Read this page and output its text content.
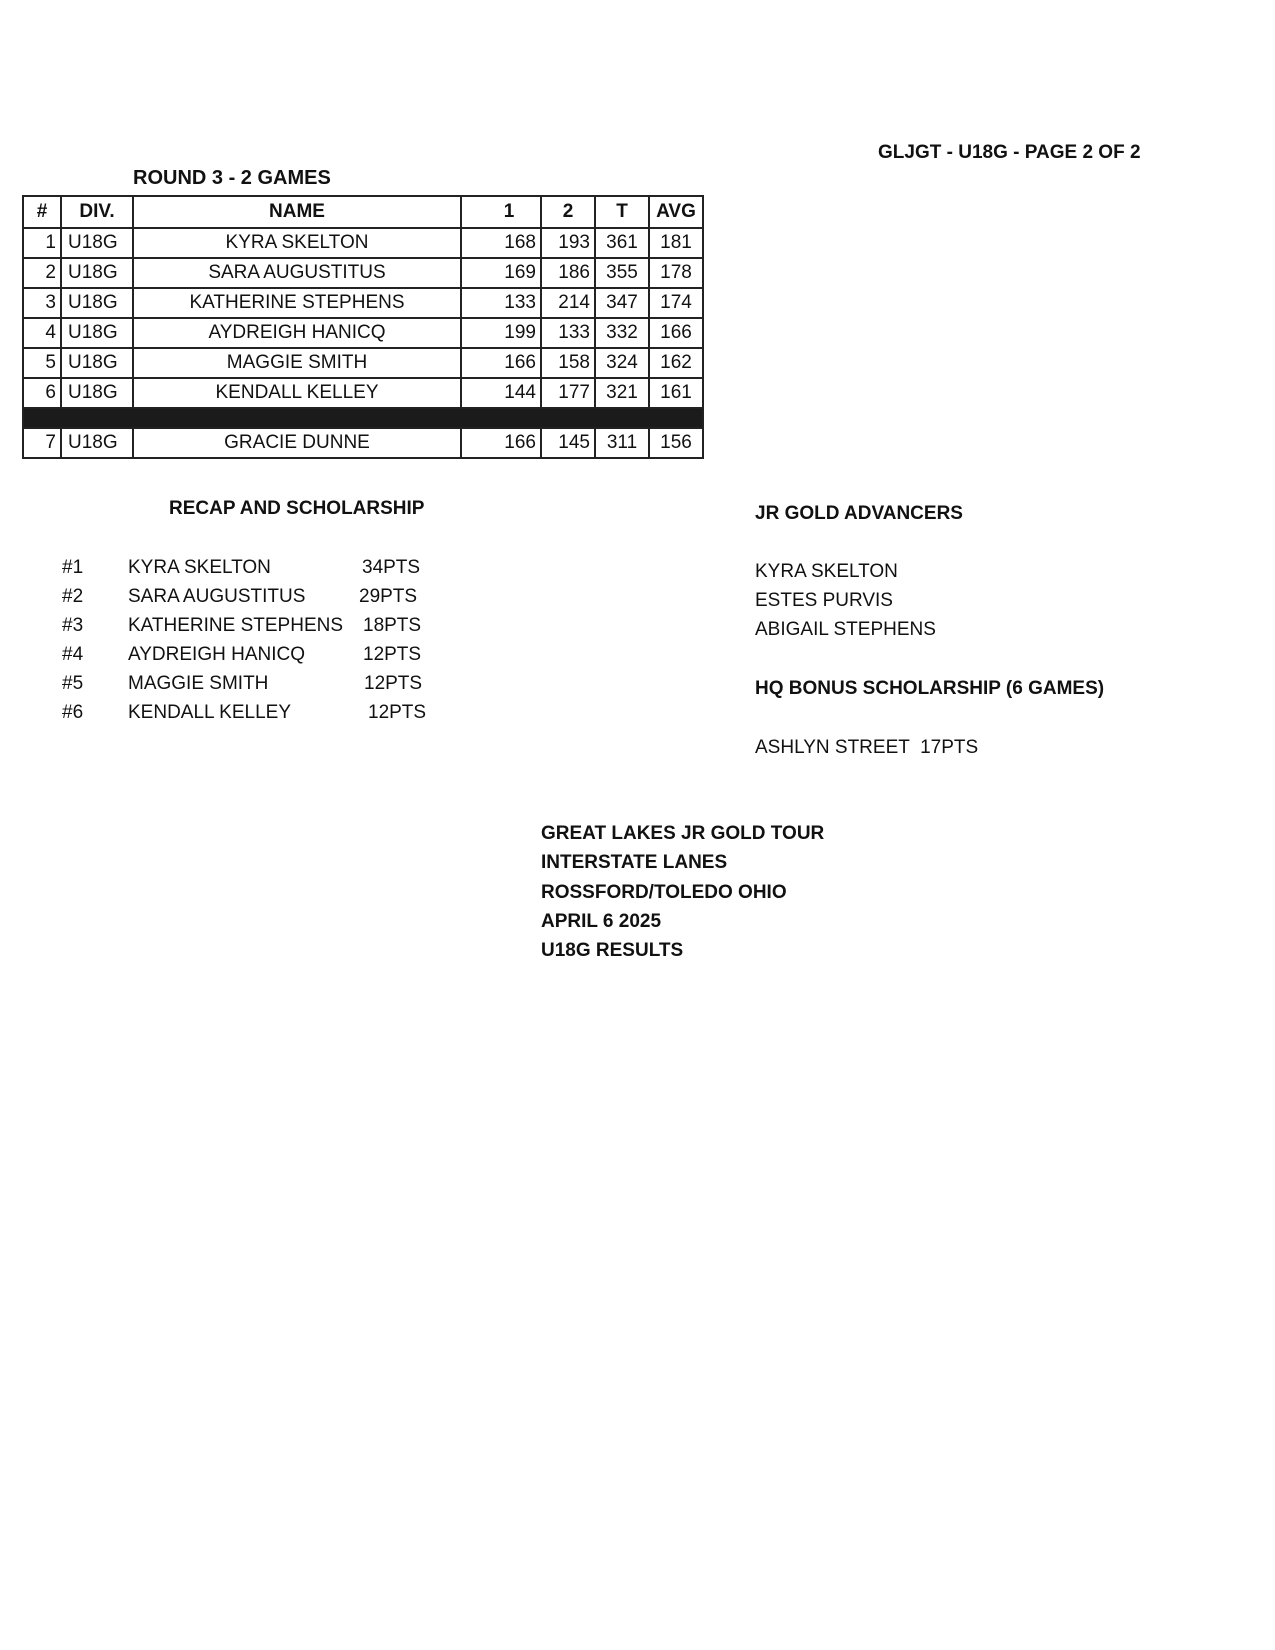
GLJGT - U18G - PAGE 2 OF 2
ROUND 3 - 2 GAMES
#	DIV.	NAME	1	2	T	AVG
1	U18G	KYRA SKELTON	168	193	361	181
2	U18G	SARA AUGUSTITUS	169	186	355	178
3	U18G	KATHERINE STEPHENS	133	214	347	174
4	U18G	AYDREIGH HANICQ	199	133	332	166
5	U18G	MAGGIE SMITH	166	158	324	162
6	U18G	KENDALL KELLEY	144	177	321	161

7	U18G	GRACIE DUNNE	166	145	311	156
RECAP AND SCHOLARSHIP
#1 KYRA SKELTON	34PTS
#2 SARA AUGUSTITUS	29PTS
#3 KATHERINE STEPHENS 18PTS
#4 AYDREIGH HANICQ	12PTS
#5 MAGGIE SMITH	12PTS
#6 KENDALL KELLEY	12PTS
JR GOLD ADVANCERS
KYRA SKELTON
ESTES PURVIS
ABIGAIL STEPHENS
HQ BONUS SCHOLARSHIP (6 GAMES)
ASHLYN STREET  17PTS
GREAT LAKES JR GOLD TOUR
INTERSTATE LANES
ROSSFORD/TOLEDO OHIO
APRIL 6 2025
U18G RESULTS
